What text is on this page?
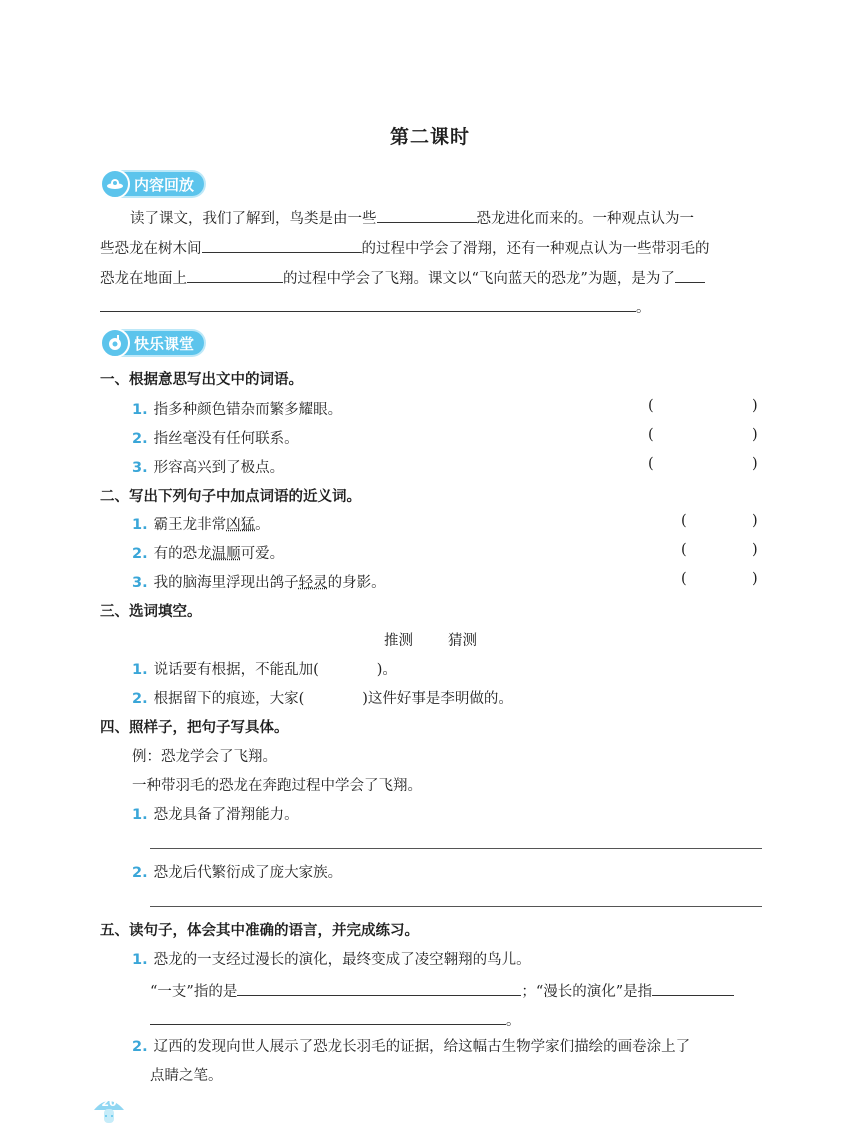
第二课时
内容回放
读了课文，我们了解到，鸟类是由一些	恐龙进化而来的。一种观点认为一
些恐龙在树木间	的过程中学会了滑翔，还有一种观点认为一些带羽毛的
恐龙在地面上	的过程中学会了飞翔。课文以“飞向蓝天的恐龙”为题，是为了
。
快乐课堂
一、根据意思写出文中的词语。
1. 指多种颜色错杂而繁多耀眼。	(	)
2. 指丝毫没有任何联系。	(	)
3. 形容高兴到了极点。	(	)
二、写出下列句子中加点词语的近义词。
1. 霸王龙非常凶猛。	(	)
2. 有的恐龙温顺可爱。	(	)
3. 我的脑海里浮现出鸽子轻灵的身影。	(	)
三、选词填空。
推测 猜测
1. 说话要有根据，不能乱加(	)。
2. 根据留下的痕迹，大家(	)这件好事是李明做的。
四、照样子，把句子写具体。
例：恐龙学会了飞翔。
一种带羽毛的恐龙在奔跑过程中学会了飞翔。
1. 恐龙具备了滑翔能力。
2. 恐龙后代繁衍成了庞大家族。
五、读句子，体会其中准确的语言，并完成练习。
1. 恐龙的一支经过漫长的演化，最终变成了凌空翱翔的鸟儿。
“一支”指的是	；“漫长的演化”是指
。
2. 辽西的发现向世人展示了恐龙长羽毛的证据，给这幅古生物学家们描绘的画卷涂上了
点睛之笔。
20
